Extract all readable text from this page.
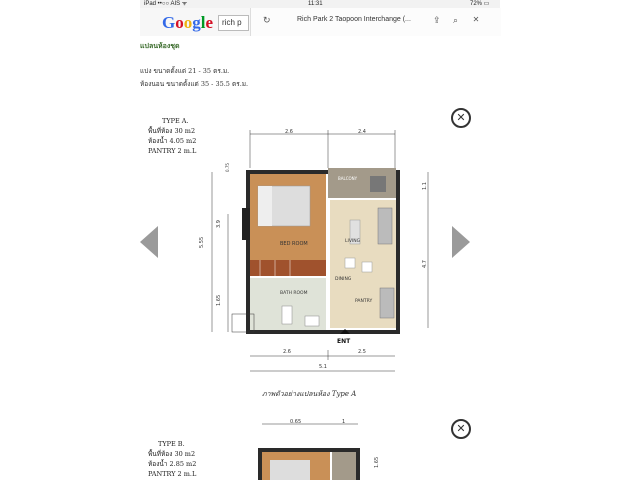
iPad ••○○ AIS ᯤ	11:31	72% ▭
Google	rich p	↻	Rich Park 2 Taopoon Interchange (... ⇪ ⌕ ✕
แปลนห้องชุด
แบ่ง ขนาดตั้งแต่ 21 - 35 ตร.ม.
ห้องนอน ขนาดตั้งแต่ 35 - 35.5 ตร.ม.
TYPE A.
พื้นที่ห้อง 30 m2
ห้องน้ำ 4.05 m2
PANTRY 2 m.L
TYPE B.
พื้นที่ห้อง 30 m2
ห้องน้ำ 2.85 m2
PANTRY 2 m.L
2.6	2.4
BED ROOM
BATH ROOM
BALCONY
LIVING
DINING
PANTRY
ENT
5.55
3.9
1.65
0.75
1.1
4.7
2.6	2.5
5.1
ภาพตัวอย่างแปลนห้อง Type A
0.65	1
1.65
✕
✕
